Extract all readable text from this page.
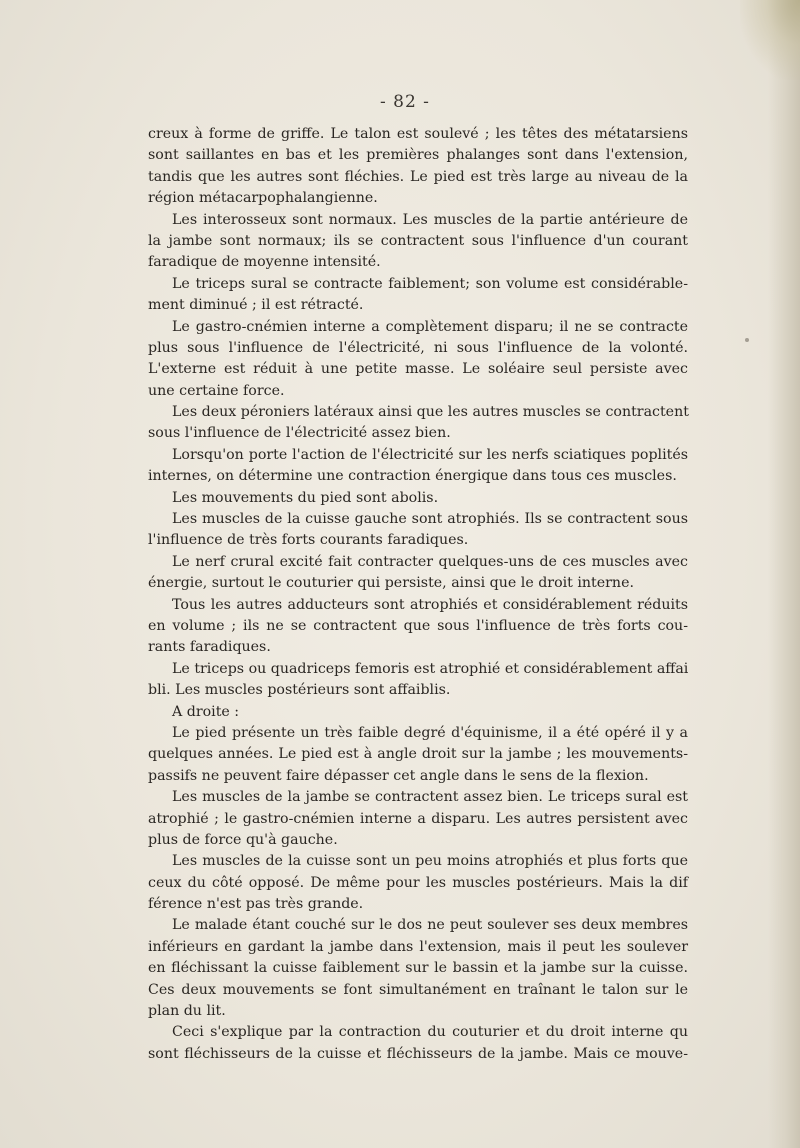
- 82 -
creux à forme de griffe. Le talon est soulevé ; les têtes des métatarsiens
sont saillantes en bas et les premières phalanges sont dans l'extension,
tandis que les autres sont fléchies. Le pied est très large au niveau de la
région métacarpophalangienne.
Les interosseux sont normaux. Les muscles de la partie antérieure de
la jambe sont normaux; ils se contractent sous l'influence d'un courant
faradique de moyenne intensité.
Le triceps sural se contracte faiblement; son volume est considérable-
ment diminué ; il est rétracté.
Le gastro-cnémien interne a complètement disparu; il ne se contracte
plus sous l'influence de l'électricité, ni sous l'influence de la volonté.
L'externe est réduit à une petite masse. Le soléaire seul persiste avec
une certaine force.
Les deux péroniers latéraux ainsi que les autres muscles se contractent
sous l'influence de l'électricité assez bien.
Lorsqu'on porte l'action de l'électricité sur les nerfs sciatiques poplités
internes, on détermine une contraction énergique dans tous ces muscles.
Les mouvements du pied sont abolis.
Les muscles de la cuisse gauche sont atrophiés. Ils se contractent sous
l'influence de très forts courants faradiques.
Le nerf crural excité fait contracter quelques-uns de ces muscles avec
énergie, surtout le couturier qui persiste, ainsi que le droit interne.
Tous les autres adducteurs sont atrophiés et considérablement réduits
en volume ; ils ne se contractent que sous l'influence de très forts cou-
rants faradiques.
Le triceps ou quadriceps femoris est atrophié et considérablement affai
bli. Les muscles postérieurs sont affaiblis.
A droite :
Le pied présente un très faible degré d'équinisme, il a été opéré il y a
quelques années. Le pied est à angle droit sur la jambe ; les mouvements-
passifs ne peuvent faire dépasser cet angle dans le sens de la flexion.
Les muscles de la jambe se contractent assez bien. Le triceps sural est
atrophié ; le gastro-cnémien interne a disparu. Les autres persistent avec
plus de force qu'à gauche.
Les muscles de la cuisse sont un peu moins atrophiés et plus forts que
ceux du côté opposé. De même pour les muscles postérieurs. Mais la dif
férence n'est pas très grande.
Le malade étant couché sur le dos ne peut soulever ses deux membres
inférieurs en gardant la jambe dans l'extension, mais il peut les soulever
en fléchissant la cuisse faiblement sur le bassin et la jambe sur la cuisse.
Ces deux mouvements se font simultanément en traînant le talon sur le
plan du lit.
Ceci s'explique par la contraction du couturier et du droit interne qu
sont fléchisseurs de la cuisse et fléchisseurs de la jambe. Mais ce mouve-
